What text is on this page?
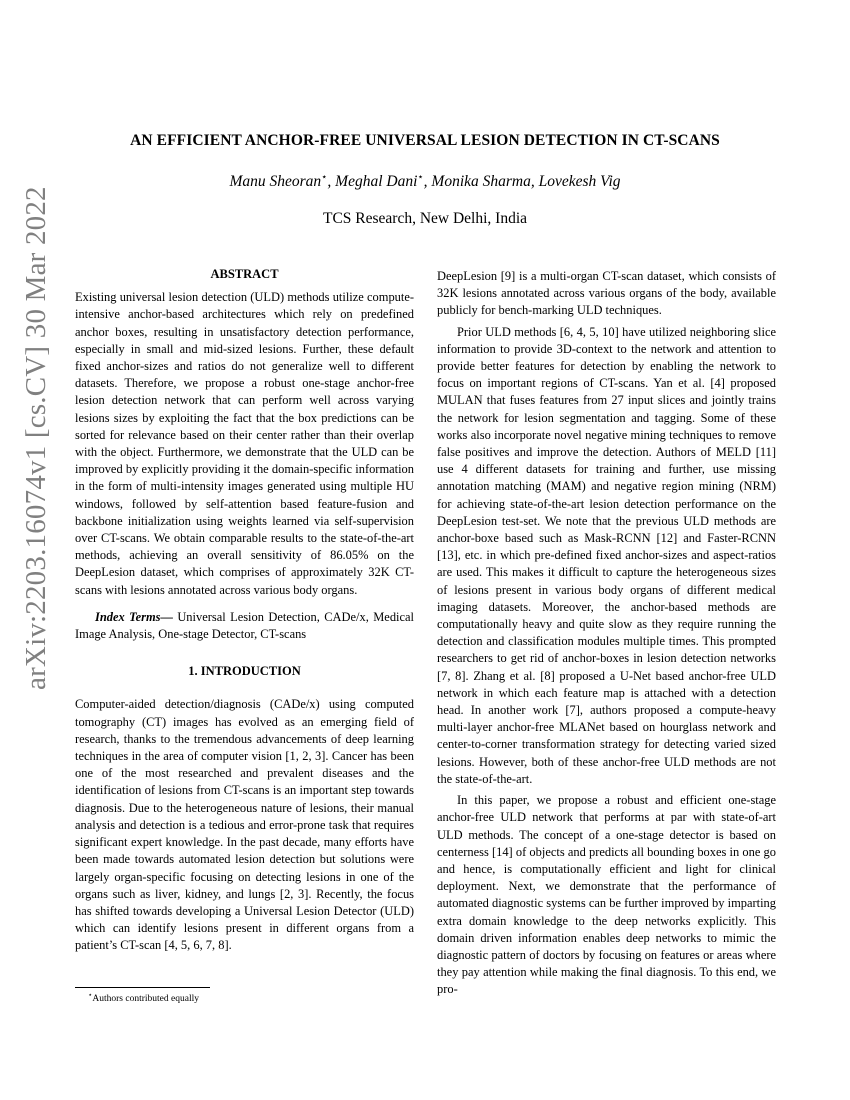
arXiv:2203.16074v1 [cs.CV] 30 Mar 2022
AN EFFICIENT ANCHOR-FREE UNIVERSAL LESION DETECTION IN CT-SCANS
Manu Sheoran⋆, Meghal Dani⋆, Monika Sharma, Lovekesh Vig
TCS Research, New Delhi, India
ABSTRACT

Existing universal lesion detection (ULD) methods utilize compute-intensive anchor-based architectures which rely on predefined anchor boxes, resulting in unsatisfactory detection performance, especially in small and mid-sized lesions. Further, these default fixed anchor-sizes and ratios do not generalize well to different datasets. Therefore, we propose a robust one-stage anchor-free lesion detection network that can perform well across varying lesions sizes by exploiting the fact that the box predictions can be sorted for relevance based on their center rather than their overlap with the object. Furthermore, we demonstrate that the ULD can be improved by explicitly providing it the domain-specific information in the form of multi-intensity images generated using multiple HU windows, followed by self-attention based feature-fusion and backbone initialization using weights learned via self-supervision over CT-scans. We obtain comparable results to the state-of-the-art methods, achieving an overall sensitivity of 86.05% on the DeepLesion dataset, which comprises of approximately 32K CT-scans with lesions annotated across various body organs.

Index Terms— Universal Lesion Detection, CADe/x, Medical Image Analysis, One-stage Detector, CT-scans

1. INTRODUCTION

Computer-aided detection/diagnosis (CADe/x) using computed tomography (CT) images has evolved as an emerging field of research, thanks to the tremendous advancements of deep learning techniques in the area of computer vision [1, 2, 3]. Cancer has been one of the most researched and prevalent diseases and the identification of lesions from CT-scans is an important step towards diagnosis. Due to the heterogeneous nature of lesions, their manual analysis and detection is a tedious and error-prone task that requires significant expert knowledge. In the past decade, many efforts have been made towards automated lesion detection but solutions were largely organ-specific focusing on detecting lesions in one of the organs such as liver, kidney, and lungs [2, 3]. Recently, the focus has shifted towards developing a Universal Lesion Detector (ULD) which can identify lesions present in different organs from a patient’s CT-scan [4, 5, 6, 7, 8].

DeepLesion [9] is a multi-organ CT-scan dataset, which consists of 32K lesions annotated across various organs of the body, available publicly for bench-marking ULD techniques.

Prior ULD methods [6, 4, 5, 10] have utilized neighboring slice information to provide 3D-context to the network and attention to provide better features for detection by enabling the network to focus on important regions of CT-scans. Yan et al. [4] proposed MULAN that fuses features from 27 input slices and jointly trains the network for lesion segmentation and tagging. Some of these works also incorporate novel negative mining techniques to remove false positives and improve the detection. Authors of MELD [11] use 4 different datasets for training and further, use missing annotation matching (MAM) and negative region mining (NRM) for achieving state-of-the-art lesion detection performance on the DeepLesion test-set. We note that the previous ULD methods are anchor-boxe based such as Mask-RCNN [12] and Faster-RCNN [13], etc. in which pre-defined fixed anchor-sizes and aspect-ratios are used. This makes it difficult to capture the heterogeneous sizes of lesions present in various body organs of different medical imaging datasets. Moreover, the anchor-based methods are computationally heavy and quite slow as they require running the detection and classification modules multiple times. This prompted researchers to get rid of anchor-boxes in lesion detection networks [7, 8]. Zhang et al. [8] proposed a U-Net based anchor-free ULD network in which each feature map is attached with a detection head. In another work [7], authors proposed a compute-heavy multi-layer anchor-free MLANet based on hourglass network and center-to-corner transformation strategy for detecting varied sized lesions. However, both of these anchor-free ULD methods are not the state-of-the-art.

In this paper, we propose a robust and efficient one-stage anchor-free ULD network that performs at par with state-of-art ULD methods. The concept of a one-stage detector is based on centerness [14] of objects and predicts all bounding boxes in one go and hence, is computationally efficient and light for clinical deployment. Next, we demonstrate that the performance of automated diagnostic systems can be further improved by imparting extra domain knowledge to the deep networks explicitly. This domain driven information enables deep networks to mimic the diagnostic pattern of doctors by focusing on features or areas where they pay attention while making the final diagnosis. To this end, we pro-

⋆Authors contributed equally
